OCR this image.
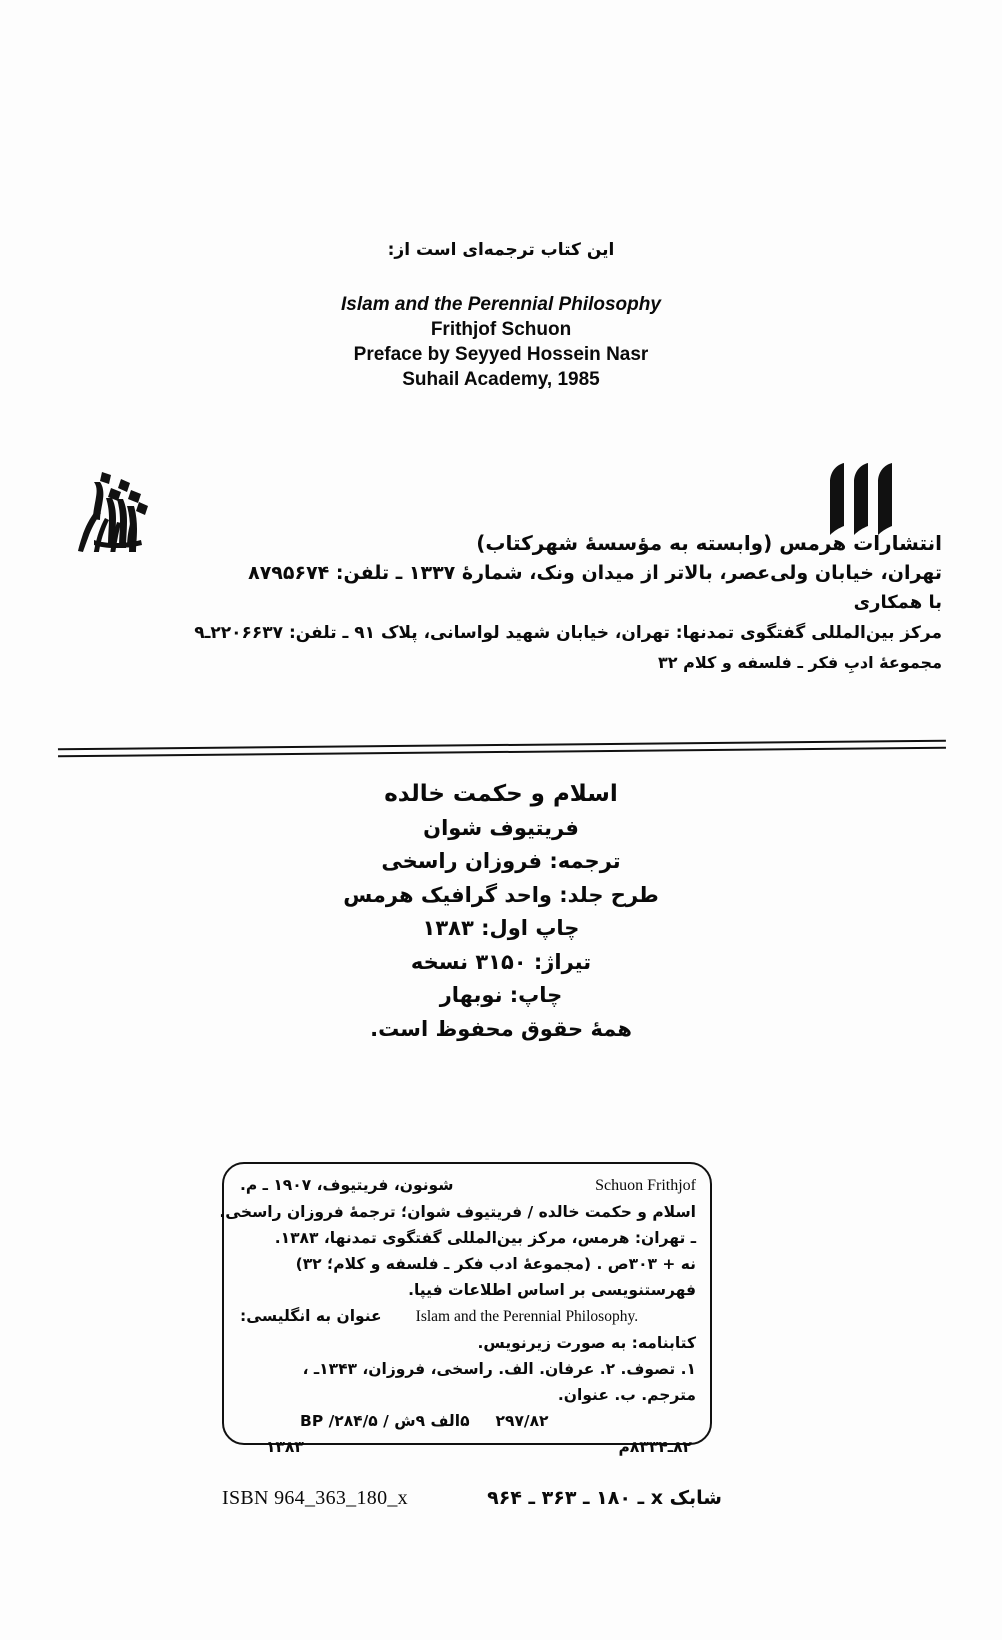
این کتاب ترجمه‌ای است از:
Islam and the Perennial Philosophy
Frithjof Schuon
Preface by Seyyed Hossein Nasr
Suhail Academy, 1985
انتشارات هرمس (وابسته به مؤسسهٔ شهرکتاب)
تهران، خیابان ولی‌عصر، بالاتر از میدان ونک، شمارهٔ ۱۳۳۷ ـ تلفن: ۸۷۹۵۶۷۴
با همکاری
مرکز بین‌المللی گفتگوی تمدنها: تهران، خیابان شهید لواسانی، پلاک ۹۱ ـ تلفن: ۲۲۰۶۶۳۷ـ۹
مجموعهٔ ادبِ فکر ـ فلسفه و کلام ۳۲
اسلام و حکمت خالده
فریتیوف شوان
ترجمه: فروزان راسخی
طرح جلد: واحد گرافیک هرمس
چاپ اول: ۱۳۸۳
تیراژ: ۳۱۵۰ نسخه
چاپ: نوبهار
همهٔ حقوق محفوظ است.
Schuon Frithjof
شونون، فریتیوف، ۱۹۰۷ ـ م.
اسلام و حکمت خالده / فریتیوف شوان؛ ترجمهٔ فروزان راسخی.
ـ تهران: هرمس، مرکز بین‌المللی گفتگوی تمدنها، ۱۳۸۳.
نه + ۳۰۳ص . (مجموعهٔ ادب فکر ـ فلسفه و کلام؛ ۳۲)
فهرستنویسی بر اساس اطلاعات فیپا.
Islam and the Perennial Philosophy.
عنوان به انگلیسی:
کتابنامه: به صورت زیرنویس.
۱. تصوف. ۲. عرفان. الف. راسخی، فروزان، ۱۳۴۳ـ ،
مترجم. ب. عنوان.
۲۹۷/۸۲
۵الف ۹ش / ۲۸۴/۵/ BP
۸۲ـ۸۳۳۴م
۱۳۸۳
ISBN 964_363_180_x	شابک x ـ ۱۸۰ ـ ۳۶۳ ـ ۹۶۴
